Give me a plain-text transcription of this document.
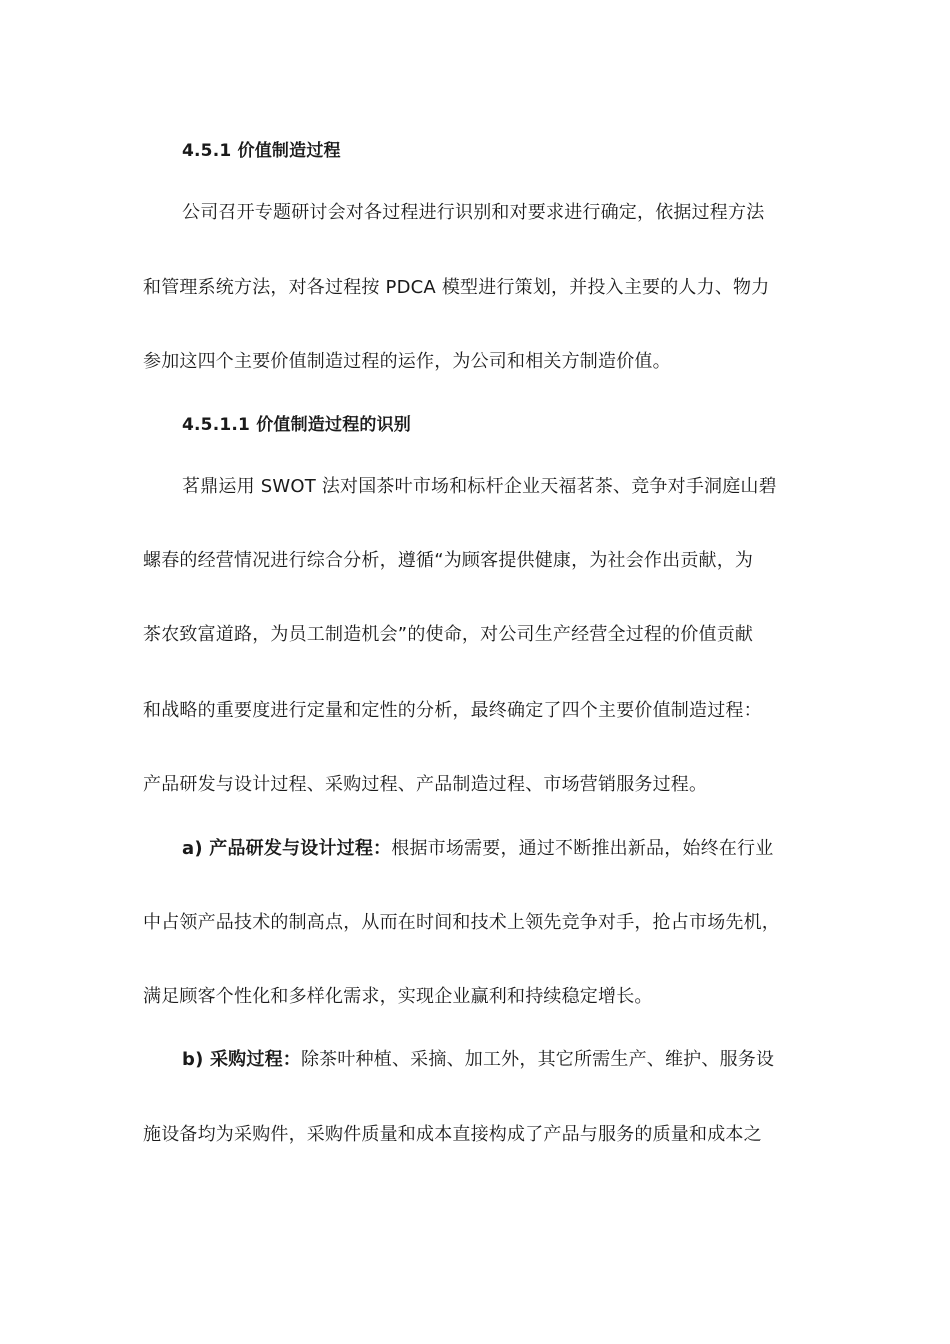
4.5.1 价值制造过程
公司召开专题研讨会对各过程进行识别和对要求进行确定，依据过程方法
和管理系统方法，对各过程按 PDCA 模型进行策划，并投入主要的人力、物力
参加这四个主要价值制造过程的运作，为公司和相关方制造价值。
4.5.1.1 价值制造过程的识别
茗鼎运用 SWOT 法对国茶叶市场和标杆企业天福茗茶、竞争对手洞庭山碧
螺春的经营情况进行综合分析，遵循“为顾客提供健康，为社会作出贡献，为
茶农致富道路，为员工制造机会”的使命，对公司生产经营全过程的价值贡献
和战略的重要度进行定量和定性的分析，最终确定了四个主要价值制造过程：
产品研发与设计过程、采购过程、产品制造过程、市场营销服务过程。
a) 产品研发与设计过程：根据市场需要，通过不断推出新品，始终在行业
中占领产品技术的制高点，从而在时间和技术上领先竞争对手，抢占市场先机，
满足顾客个性化和多样化需求，实现企业赢利和持续稳定增长。
b) 采购过程：除茶叶种植、采摘、加工外，其它所需生产、维护、服务设
施设备均为采购件，采购件质量和成本直接构成了产品与服务的质量和成本之
